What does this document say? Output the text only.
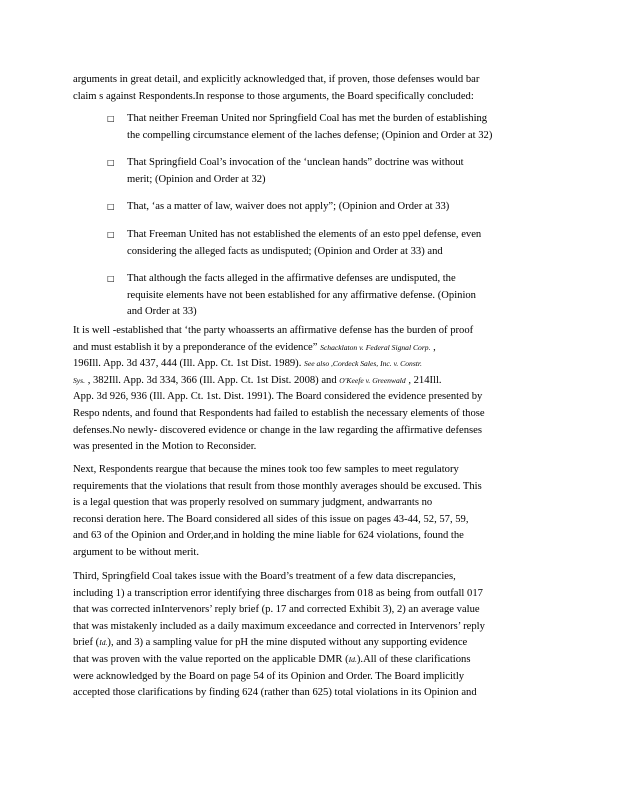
arguments in great detail, and explicitly acknowledged that, if proven, those defenses would bar
claim s against Respondents.In response to those arguments, the Board specifically concluded:
□ That neither Freeman United nor Springfield Coal has met the burden of establishing
the compelling circumstance element of the laches defense; (Opinion and Order at 32)
□ That Springfield Coal’s invocation of the ‘unclean hands” doctrine was without
merit; (Opinion and Order at 32)
□ That, ‘as a matter of law, waiver does not apply”; (Opinion and Order at 33)
□ That Freeman United has not established the elements of an esto ppel defense, even
considering the alleged facts as undisputed; (Opinion and Order at 33) and
□ That although the facts alleged in the affirmative defenses are undisputed, the
requisite elements have not been established for any affirmative defense. (Opinion
and Order at 33)
It is well -established that ‘the party whoasserts an affirmative defense has the burden of proof
and must establish it by a preponderance of the evidence” Schacklaton v. Federal Signal Corp. ,
196Ill. App. 3d 437, 444 (Ill. App. Ct. 1st Dist. 1989). See also ,Cordeck Sales, Inc. v. Constr.
Sys. , 382Ill. App. 3d 334, 366 (Ill. App. Ct. 1st Dist. 2008) and O'Keefe v. Greenwald , 214Ill.
App. 3d 926, 936 (Ill. App. Ct. 1st. Dist. 1991). The Board considered the evidence presented by
Respo ndents, and found that Respondents had failed to establish the necessary elements of those
defenses.No newly- discovered evidence or change in the law regarding the affirmative defenses
was presented in the Motion to Reconsider.
Next, Respondents reargue that because the mines took too few samples to meet regulatory
requirements that the violations that result from those monthly averages should be excused. This
is a legal question that was properly resolved on summary judgment, andwarrants no
reconsi deration here. The Board considered all sides of this issue on pages 43-44, 52, 57, 59,
and 63 of the Opinion and Order,and in holding the mine liable for 624 violations, found the
argument to be without merit.
Third, Springfield Coal takes issue with the Board’s treatment of a few data discrepancies,
including 1) a transcription error identifying three discharges from 018 as being from outfall 017
that was corrected inIntervenors’ reply brief (p. 17 and corrected Exhibit 3), 2) an average value
that was mistakenly included as a daily maximum exceedance and corrected in Intervenors’ reply
brief (Id.), and 3) a sampling value for pH the mine disputed without any supporting evidence
that was proven with the value reported on the applicable DMR (Id.).All of these clarifications
were acknowledged by the Board on page 54 of its Opinion and Order. The Board implicitly
accepted those clarifications by finding 624 (rather than 625) total violations in its Opinion and
